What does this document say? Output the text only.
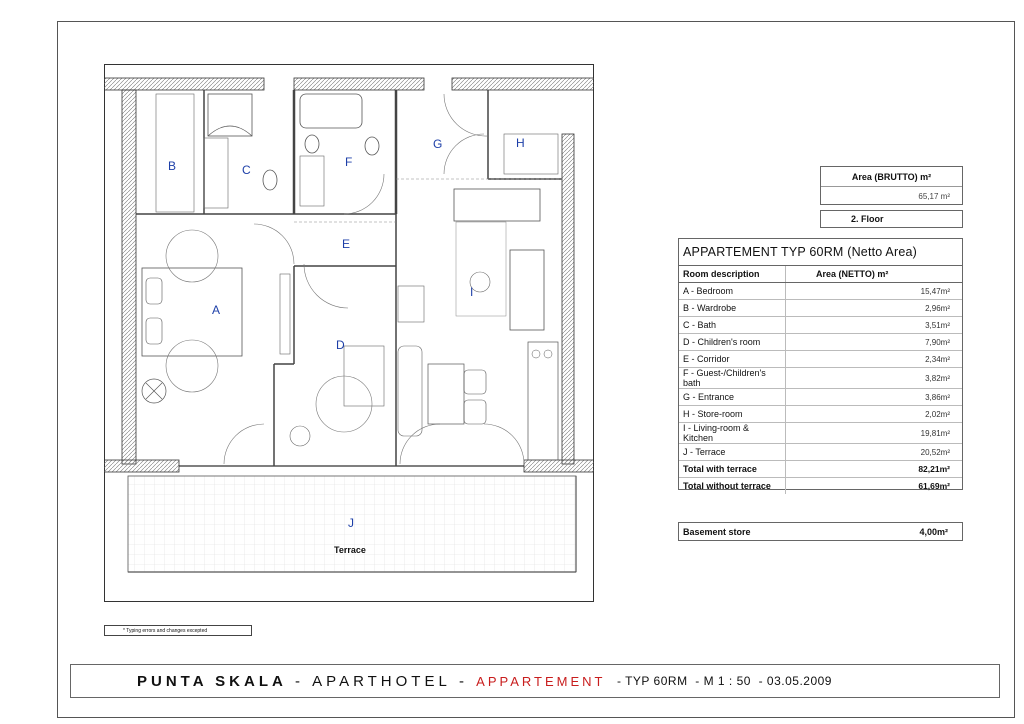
A
B	C
D
E
F
G	H
I
J
Terrace
Area (BRUTTO) m²
65,17 m²
2. Floor
APPARTEMENT TYP 60RM (Netto Area)
Room description	Area (NETTO) m²
A - Bedroom	15,47m²
B - Wardrobe	2,96m²
C - Bath	3,51m²
D - Children's room	7,90m²
E - Corridor	2,34m²
F - Guest-/Children's bath	3,82m²
G - Entrance	3,86m²
H - Store-room	2,02m²
I - Living-room & Kitchen	19,81m²
J - Terrace	20,52m²
Total with terrace	82,21m²
Total without terrace	61,69m²
Basement store	4,00m²
* Typing errors and changes excepted
PUNTA SKALA - APARTHOTEL - APPARTEMENT - TYP 60RM  - M 1 : 50  - 03.05.2009
